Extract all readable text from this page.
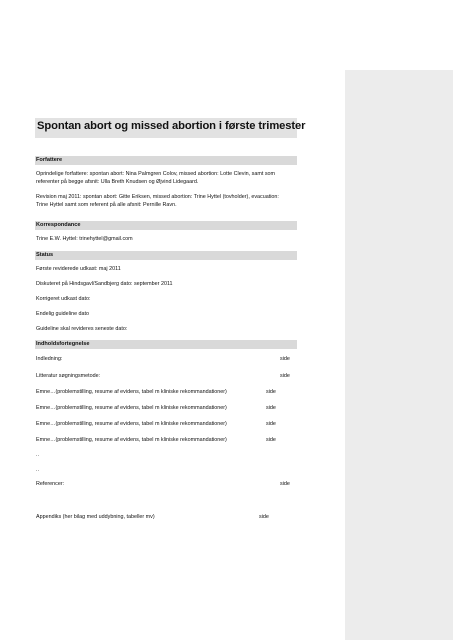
Spontan abort og missed abortion i første trimester
Forfattere
Oprindelige forfattere: spontan abort: Nina Palmgren Colov, missed abortion: Lotte Clevin, samt som
referenter på begge afsnit: Ulla Breth Knudsen og Øjvind Lidegaard.
Revision maj 2011: spontan abort: Gitte Eriksen, missed abortion: Trine Hyttel (tovholder), evacuation:
Trine Hyttel samt som referent på alle afsnit: Pernille Ravn.
Korrespondance
Trine E.W. Hyttel: trinehyttel@gmail.com
Status
Første reviderede udkast: maj 2011
Diskuteret på Hindsgavl/Sandbjerg dato: september 2011
Korrigeret udkast dato:
Endelig guideline dato
Guideline skal revideres seneste dato:
Indholdsfortegnelse
Indledning:	side
Litteratur søgningsmetode:	side
Emne…(problemstilling, resume af evidens, tabel m kliniske rekommandationer)	side
Emne…(problemstilling, resume af evidens, tabel m kliniske rekommandationer)	side
Emne…(problemstilling, resume af evidens, tabel m kliniske rekommandationer)	side
Emne…(problemstilling, resume af evidens, tabel m kliniske rekommandationer)	side
..
..
Referencer:	side
Appendiks (her bilag med uddybning, tabeller mv)	side
